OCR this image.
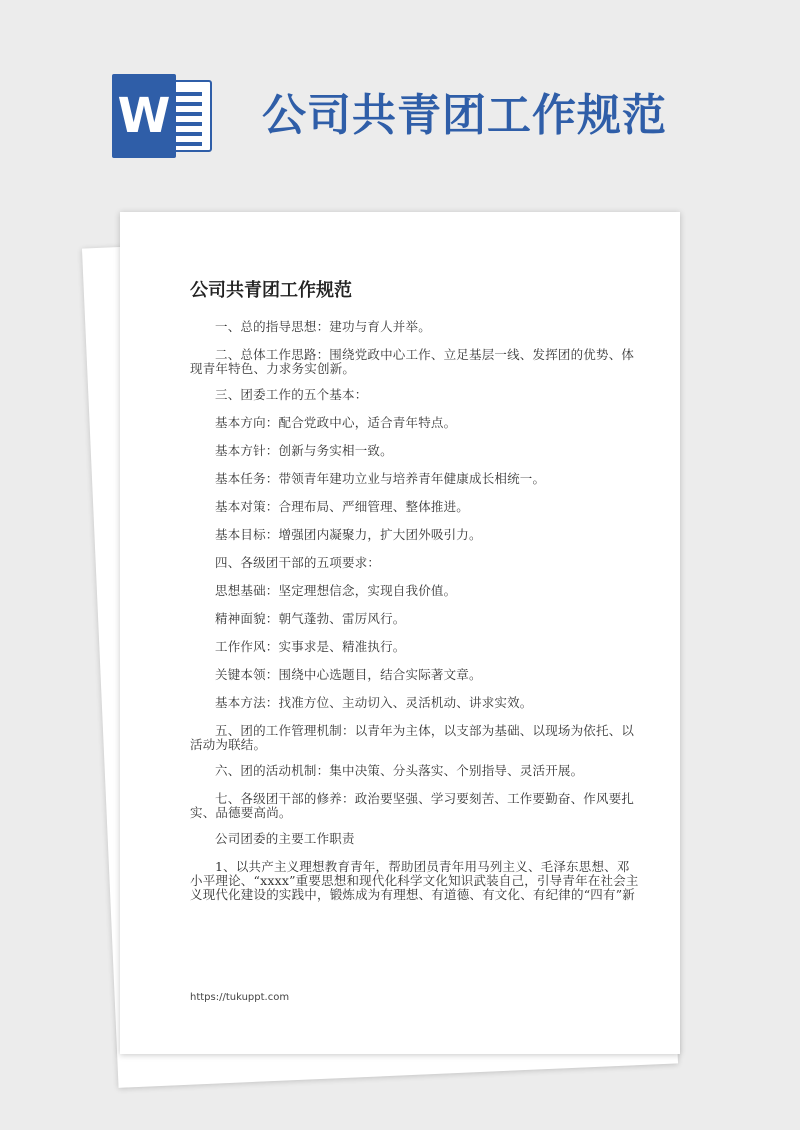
W 公司共青团工作规范
公司共青团工作规范

一、总的指导思想：建功与育人并举。

二、总体工作思路：围绕党政中心工作、立足基层一线、发挥团的优势、体现青年特色、力求务实创新。

三、团委工作的五个基本：

基本方向：配合党政中心，适合青年特点。

基本方针：创新与务实相一致。

基本任务：带领青年建功立业与培养青年健康成长相统一。

基本对策：合理布局、严细管理、整体推进。

基本目标：增强团内凝聚力，扩大团外吸引力。

四、各级团干部的五项要求：

思想基础：坚定理想信念，实现自我价值。

精神面貌：朝气蓬勃、雷厉风行。

工作作风：实事求是、精准执行。

关键本领：围绕中心选题目，结合实际著文章。

基本方法：找准方位、主动切入、灵活机动、讲求实效。

五、团的工作管理机制：以青年为主体，以支部为基础、以现场为依托、以活动为联结。

六、团的活动机制：集中决策、分头落实、个别指导、灵活开展。

七、各级团干部的修养：政治要坚强、学习要刻苦、工作要勤奋、作风要扎实、品德要高尚。

公司团委的主要工作职责

1、以共产主义理想教育青年，帮助团员青年用马列主义、毛泽东思想、邓小平理论、“xxxx”重要思想和现代化科学文化知识武装自己，引导青年在社会主义现代化建设的实践中，锻炼成为有理想、有道德、有文化、有纪律的“四有”新

https://tukuppt.com
